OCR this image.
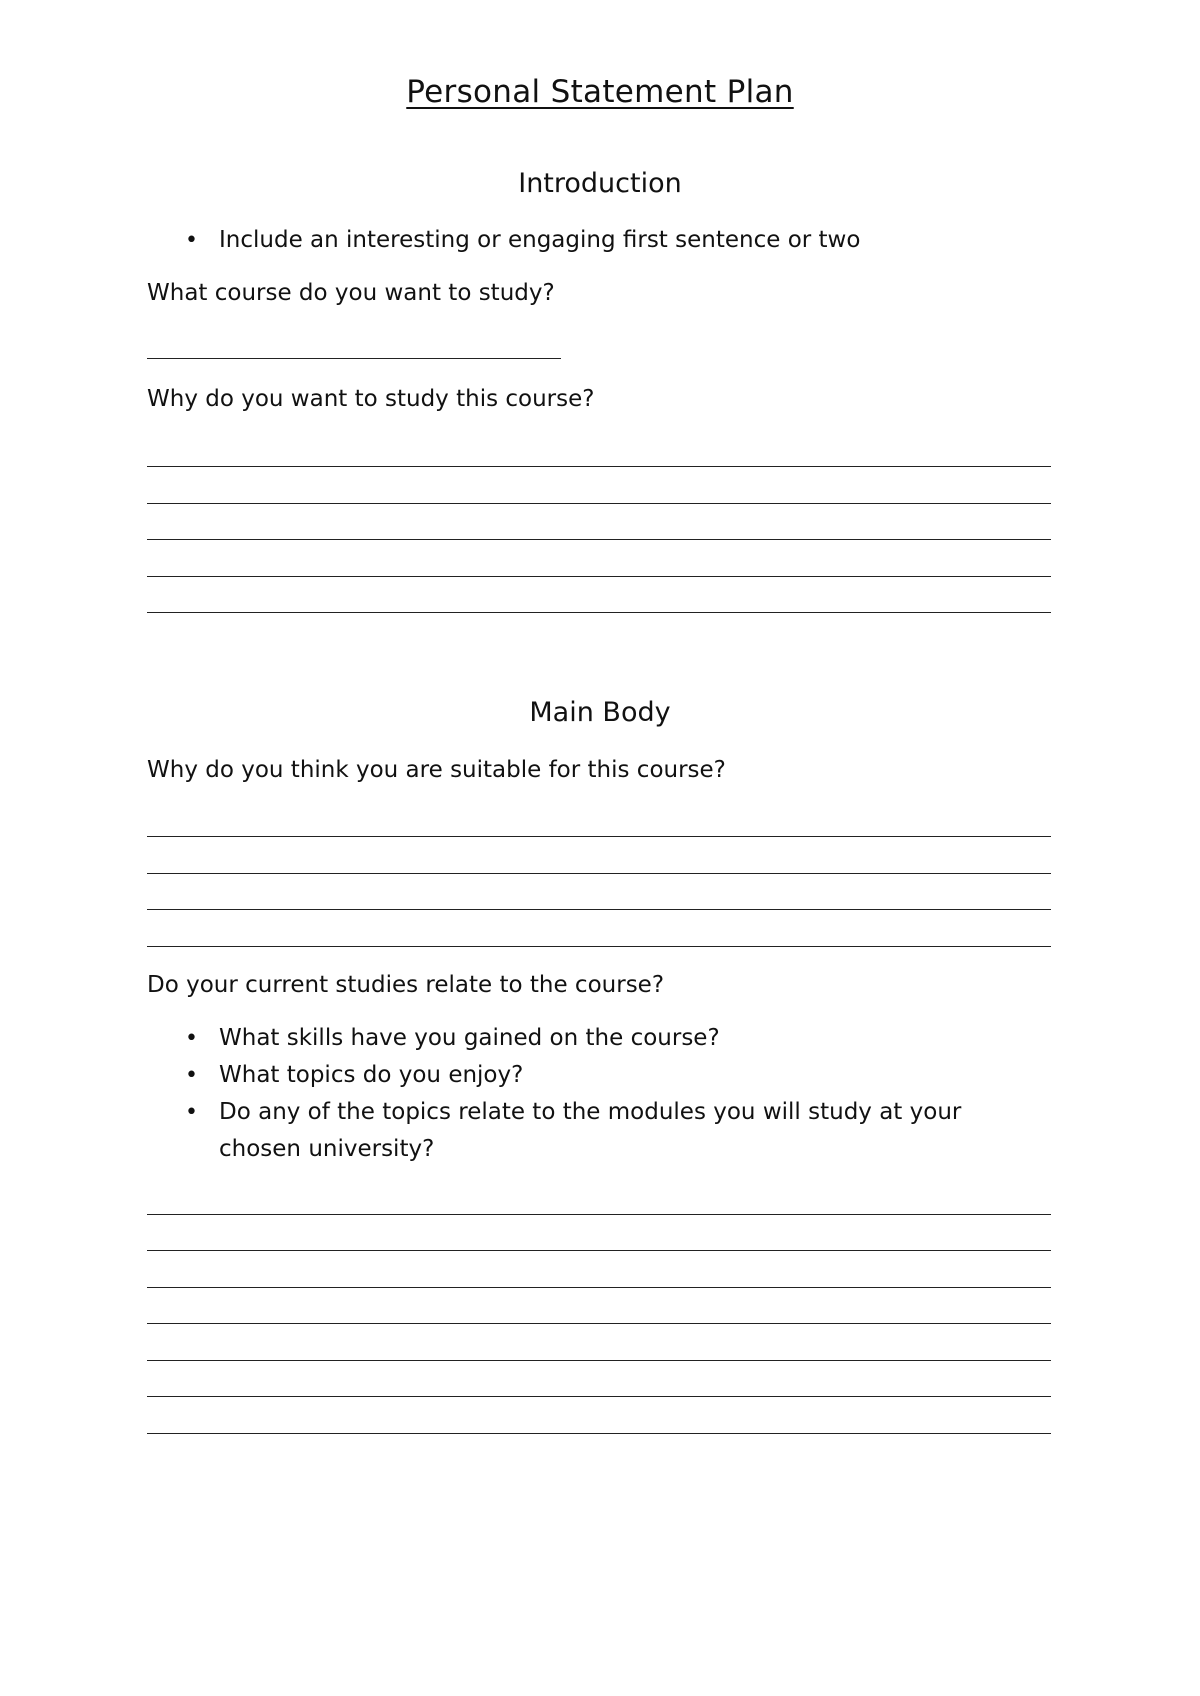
Personal Statement Plan
Introduction
• Include an interesting or engaging first sentence or two
What course do you want to study?
Why do you want to study this course?
Main Body
Why do you think you are suitable for this course?
Do your current studies relate to the course?
• What skills have you gained on the course?
• What topics do you enjoy?
• Do any of the topics relate to the modules you will study at your chosen university?
